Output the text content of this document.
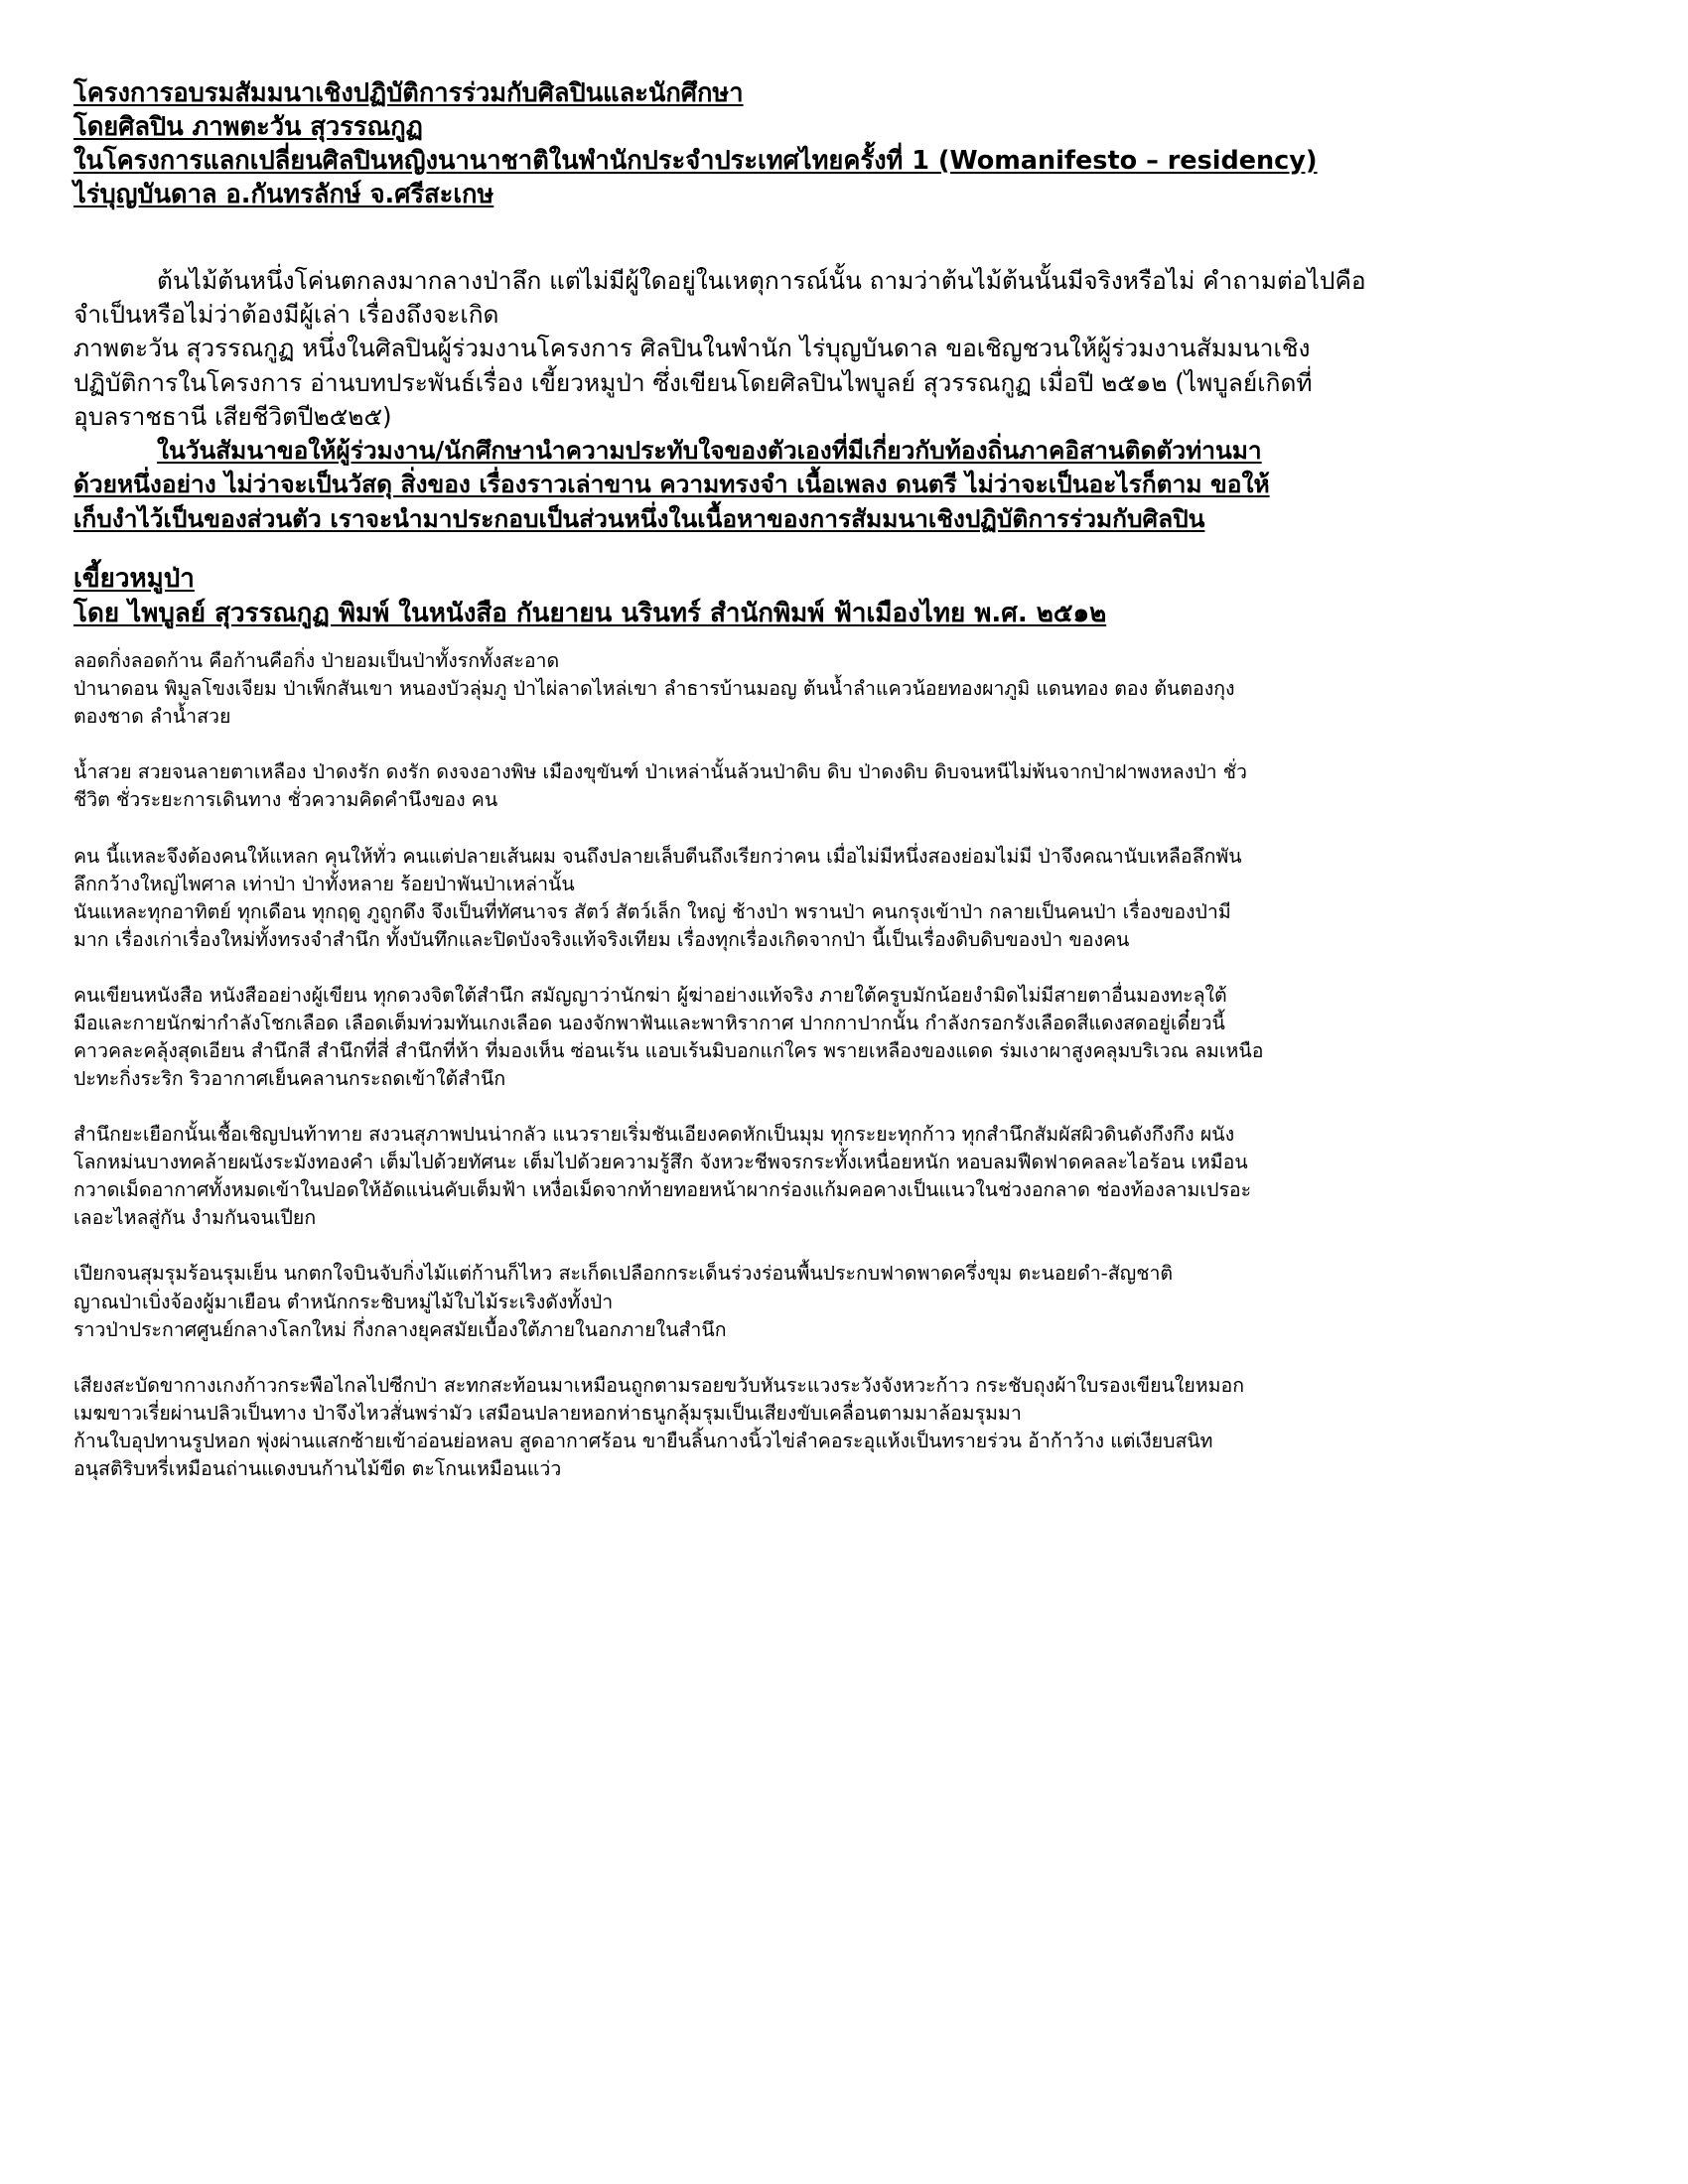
โครงการอบรมสัมมนาเชิงปฏิบัติการร่วมกับศิลปินและนักศึกษา
โดยศิลปิน ภาพตะวัน สุวรรณกูฏ
ในโครงการแลกเปลี่ยนศิลปินหญิงนานาชาติในพำนักประจำประเทศไทยครั้งที่ 1 (Womanifesto – residency)
ไร่บุญบันดาล อ.กันทรลักษ์ จ.ศรีสะเกษ

ต้นไม้ต้นหนึ่งโค่นตกลงมากลางป่าลึก แต่ไม่มีผู้ใดอยู่ในเหตุการณ์นั้น ถามว่าต้นไม้ต้นนั้นมีจริงหรือไม่ คำถามต่อไปคือ

จำเป็นหรือไม่ว่าต้องมีผู้เล่า เรื่องถึงจะเกิด

ภาพตะวัน สุวรรณกูฏ หนึ่งในศิลปินผู้ร่วมงานโครงการ ศิลปินในพำนัก ไร่บุญบันดาล ขอเชิญชวนให้ผู้ร่วมงานสัมมนาเชิง

ปฏิบัติการในโครงการ อ่านบทประพันธ์เรื่อง เขี้ยวหมูป่า ซึ่งเขียนโดยศิลปินไพบูลย์ สุวรรณกูฏ เมื่อปี ๒๕๑๒ (ไพบูลย์เกิดที่

อุบลราชธานี เสียชีวิตปี๒๕๒๕)

ในวันสัมนาขอให้ผู้ร่วมงาน/นักศึกษานำความประทับใจของตัวเองที่มีเกี่ยวกับท้องถิ่นภาคอิสานติดตัวท่านมา

ด้วยหนึ่งอย่าง ไม่ว่าจะเป็นวัสดุ สิ่งของ เรื่องราวเล่าขาน ความทรงจำ เนื้อเพลง ดนตรี ไม่ว่าจะเป็นอะไรก็ตาม ขอให้

เก็บงำไว้เป็นของส่วนตัว เราจะนำมาประกอบเป็นส่วนหนึ่งในเนื้อหาของการสัมมนาเชิงปฏิบัติการร่วมกับศิลปิน

เขี้ยวหมูป่า

โดย ไพบูลย์ สุวรรณกูฏ พิมพ์ ในหนังสือ กันยายน นรินทร์ สำนักพิมพ์ ฟ้าเมืองไทย พ.ศ. ๒๕๑๒

ลอดกิ่งลอดก้าน คือก้านคือกิ่ง ป่ายอมเป็นป่าทั้งรกทั้งสะอาด

ป่านาดอน พิมูลโขงเจียม ป่าเพ็กสันเขา หนองบัวลุ่มภู ป่าไผ่ลาดไหล่เขา ลำธารบ้านมอญ ต้นน้ำลำแควน้อยทองผาภูมิ แดนทอง ตอง ต้นตองกุง

ตองชาด ลำน้ำสวย

น้ำสวย สวยจนลายตาเหลือง ป่าดงรัก ดงรัก ดงจงอางพิษ เมืองขุขันฑ์ ป่าเหล่านั้นล้วนป่าดิบ ดิบ ป่าดงดิบ ดิบจนหนีไม่พ้นจากป่าฝาพงหลงป่า ชั่ว

ชีวิต ชั่วระยะการเดินทาง ชั่วความคิดคำนึงของ คน

คน นี้แหละจึงต้องคนให้แหลก คุนให้ทั่ว คนแต่ปลายเส้นผม จนถึงปลายเล็บตีนถึงเรียกว่าคน เมื่อไม่มีหนึ่งสองย่อมไม่มี ป่าจึงคณานับเหลือลึกพัน

ลึกกว้างใหญ่ไพศาล เท่าป่า ป่าทั้งหลาย ร้อยป่าพันป่าเหล่านั้น

นันแหละทุกอาทิตย์ ทุกเดือน ทุกฤดู ภูถูกดึง จึงเป็นที่ทัศนาจร สัตว์ สัตว์เล็ก ใหญ่ ช้างป่า พรานป่า คนกรุงเข้าป่า กลายเป็นคนป่า เรื่องของป่ามี

มาก เรื่องเก่าเรื่องใหม่ทั้งทรงจำสำนึก ทั้งบันทึกและปิดบังจริงแท้จริงเทียม เรื่องทุกเรื่องเกิดจากป่า นี้เป็นเรื่องดิบดิบของป่า ของคน

คนเขียนหนังสือ หนังสืออย่างผู้เขียน ทุกดวงจิตใต้สำนึก สมัญญาว่านักฆ่า ผู้ฆ่าอย่างแท้จริง ภายใต้ครูบมักน้อยงำมิดไม่มีสายตาอื่นมองทะลุใต้

มือและกายนักฆ่ากำลังโชกเลือด เลือดเต็มท่วมทันเกงเลือด นองจักพาฟันและพาหิรากาศ ปากกาปากนั้น กำลังกรอกรังเลือดสีแดงสดอยู่เดี๋ยวนี้

คาวคละคลุ้งสุดเอียน สำนึกสี สำนึกที่สี่ สำนึกที่ห้า ที่มองเห็น ซ่อนเร้น แอบเร้นมิบอกแก่ใคร พรายเหลืองของแดด ร่มเงาผาสูงคลุมบริเวณ ลมเหนือ

ปะทะกิ่งระริก ริวอากาศเย็นคลานกระถดเข้าใต้สำนึก

สำนึกยะเยือกนั้นเชื้อเชิญปนท้าทาย สงวนสุภาพปนน่ากลัว แนวรายเริ่มชันเอียงคดหักเป็นมุม ทุกระยะทุกก้าว ทุกสำนึกสัมผัสผิวดินดังกึงกึง ผนัง

โลกหม่นบางทคล้ายผนังระมังทองคำ เต็มไปด้วยทัศนะ เต็มไปด้วยความรู้สึก จังหวะชีพจรกระทั้งเหนื่อยหนัก หอบลมฟืดฟาดคลละไอร้อน เหมือน

กวาดเม็ดอากาศทั้งหมดเข้าในปอดให้อัดแน่นคับเต็มฟ้า เหงื่อเม็ดจากท้ายทอยหน้าผากร่องแก้มคอคางเป็นแนวในช่วงอกลาด ช่องท้องลามเปรอะ

เลอะไหลสู่กัน งำมกันจนเปียก

เปียกจนสุมรุมร้อนรุมเย็น นกตกใจบินจับกิ่งไม้แต่ก้านก็ไหว สะเก็ดเปลือกกระเด็นร่วงร่อนพื้นประกบฟาดพาดครึ่งขุม ตะนอยดำ-สัญชาติ

ญาณป่าเบิ่งจ้องผู้มาเยือน ตำหนักกระชิบหมู่ไม้ใบไม้ระเริงดังทั้งป่า

ราวป่าประกาศศูนย์กลางโลกใหม่ กึ่งกลางยุคสมัยเบื้องใต้ภายในอกภายในสำนึก

เสียงสะบัดขากางเกงก้าวกระพือไกลไปซีกป่า สะทกสะท้อนมาเหมือนถูกตามรอยขวับหันระแวงระวังจังหวะก้าว กระชับถุงผ้าใบรองเขียนใยหมอก

เมฆขาวเรี่ยผ่านปลิวเป็นทาง ป่าจึงไหวสั่นพร่ามัว เสมือนปลายหอกห่าธนูกลุ้มรุมเป็นเสียงขับเคลื่อนตามมาล้อมรุมมา

ก้านใบอุปทานรูปหอก พุ่งผ่านแสกซ้ายเข้าอ่อนย่อหลบ สูดอากาศร้อน ขายืนลิ้นกางนิ้วไข่ลำคอระอุแห้งเป็นทรายร่วน อ้าก้าว้าง แต่เงียบสนิท

อนุสติริบหรี่เหมือนถ่านแดงบนก้านไม้ขีด ตะโกนเหมือนแว่ว
